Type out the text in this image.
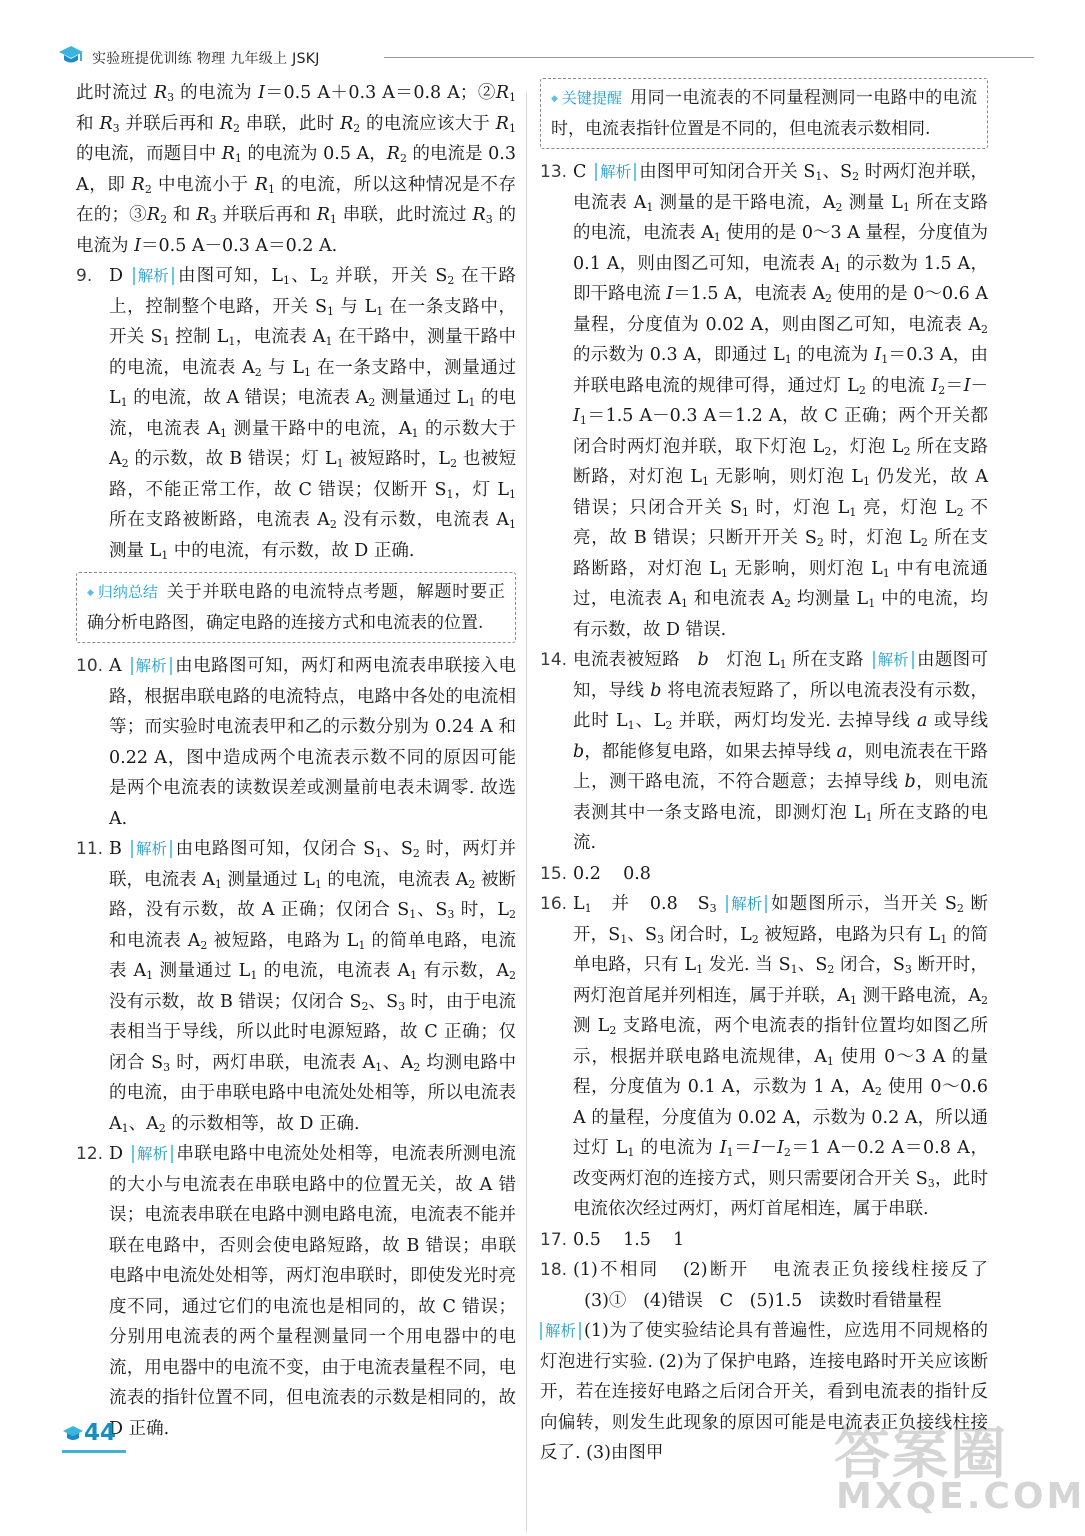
实验班提优训练 物理 九年级上 JSKJ

此时流过 $R_3$ 的电流为 I＝0.5 A＋0.3 A＝0.8 A；$②R_1$ 和 $R_3$ 并联后再和 $R_2$ 串联，此时 $R_2$ 的电流应该大于 $R_1$ 的电流，而题目中 $R_1$ 的电流为 0.5 A，$R_2$ 的电流是 0.3 A，即 $R_2$ 中电流小于 $R_1$ 的电流，所以这种情况是不存在的；$③R_2$ 和 $R_3$ 并联后再和 $R_1$ 串联，此时流过 $R_3$ 的电流为 I＝0.5 A－0.3 A＝0.2 A.

9. D 解析 由图可知，$L_1$、$L_2$ 并联，开关 $S_2$ 在干路上，控制整个电路，开关 $S_1$ 与 $L_1$ 在一条支路中，开关 $S_1$ 控制 $L_1$，电流表 $A_1$ 在干路中，测量干路中的电流，电流表 $A_2$ 与 $L_1$ 在一条支路中，测量通过 $L_1$ 的电流，故 A 错误；电流表 $A_2$ 测量通过 $L_1$ 的电流，电流表 $A_1$ 测量干路中的电流，$A_1$ 的示数大于 $A_2$ 的示数，故 B 错误；灯 $L_1$ 被短路时，$L_2$ 也被短路，不能正常工作，故 C 错误；仅断开 $S_1$，灯 $L_1$ 所在支路被断路，电流表 $A_2$ 没有示数，电流表 $A_1$ 测量 $L_1$ 中的电流，有示数，故 D 正确.
◆ 归纳总结 关于并联电路的电流特点考题，解题时要正确分析电路图，确定电路的连接方式和电流表的位置.
10. A 解析 由电路图可知，两灯和两电流表串联接入电路，根据串联电路的电流特点，电路中各处的电流相等；而实验时电流表甲和乙的示数分别为 0.24 A 和 0.22 A，图中造成两个电流表示数不同的原因可能是两个电流表的读数误差或测量前电表未调零. 故选 A.
11. B 解析 由电路图可知，仅闭合 $S_1$、$S_2$ 时，两灯并联，电流表 $A_1$ 测量通过 $L_1$ 的电流，电流表 $A_2$ 被断路，没有示数，故 A 正确；仅闭合 $S_1$、$S_3$ 时，$L_2$ 和电流表 $A_2$ 被短路，电路为 $L_1$ 的简单电路，电流表 $A_1$ 测量通过 $L_1$ 的电流，电流表 $A_1$ 有示数，$A_2$ 没有示数，故 B 错误；仅闭合 $S_2$、$S_3$ 时，由于电流表相当于导线，所以此时电源短路，故 C 正确；仅闭合 $S_3$ 时，两灯串联，电流表 $A_1$、$A_2$ 均测电路中的电流，由于串联电路中电流处处相等，所以电流表 $A_1$、$A_2$ 的示数相等，故 D 正确.
12. D 解析 串联电路中电流处处相等，电流表所测电流的大小与电流表在串联电路中的位置无关，故 A 错误；电流表串联在电路中测电路电流，电流表不能并联在电路中，否则会使电路短路，故 B 错误；串联电路中电流处处相等，两灯泡串联时，即使发光时亮度不同，通过它们的电流也是相同的，故 C 错误；分别用电流表的两个量程测量同一个用电器中的电流，用电器中的电流不变，由于电流表量程不同，电流表的指针位置不同，但电流表的示数是相同的，故 D 正确.
◆ 关键提醒 用同一电流表的不同量程测同一电路中的电流时，电流表指针位置是不同的，但电流表示数相同.
13. C 解析 由图甲可知闭合开关 $S_1$、$S_2$ 时两灯泡并联，电流表 $A_1$ 测量的是干路电流，$A_2$ 测量 $L_1$ 所在支路的电流，电流表 $A_1$ 使用的是 0～3 A 量程，分度值为 0.1 A，则由图乙可知，电流表 $A_1$ 的示数为 1.5 A，即干路电流 I＝1.5 A，电流表 $A_2$ 使用的是 0～0.6 A 量程，分度值为 0.02 A，则由图乙可知，电流表 $A_2$ 的示数为 0.3 A，即通过 $L_1$ 的电流为 $I_1=0.3$ A，由并联电路电流的规律可得，通过灯 $L_2$ 的电流 $I_2=I-I_1=1.5$ A－0.3 A＝1.2 A，故 C 正确；两个开关都闭合时两灯泡并联，取下灯泡 $L_2$，灯泡 $L_2$ 所在支路断路，对灯泡 $L_1$ 无影响，则灯泡 $L_1$ 仍发光，故 A 错误；只闭合开关 $S_1$ 时，灯泡 $L_1$ 亮，灯泡 $L_2$ 不亮，故 B 错误；只断开开关 $S_2$ 时，灯泡 $L_2$ 所在支路断路，对灯泡 $L_1$ 无影响，则灯泡 $L_1$ 中有电流通过，电流表 $A_1$ 和电流表 $A_2$ 均测量 $L_1$ 中的电流，均有示数，故 D 错误.
14. 电流表被短路   b   灯泡 $L_1$ 所在支路 解析 由题图可知，导线 b 将电流表短路了，所以电流表没有示数，此时 $L_1$、$L_2$ 并联，两灯均发光. 去掉导线 a 或导线 b，都能修复电路，如果去掉导线 a，则电流表在干路上，测干路电流，不符合题意；去掉导线 b，则电流表测其中一条支路电流，即测灯泡 $L_1$ 所在支路的电流.
15. 0.2    0.8
16. $L_1$   并   0.8   $S_3$ 解析 如题图所示，当开关 $S_2$ 断开，$S_1$、$S_3$ 闭合时，$L_2$ 被短路，电路为只有 $L_1$ 的简单电路，只有 $L_1$ 发光. 当 $S_1$、$S_2$ 闭合，$S_3$ 断开时，两灯泡首尾并列相连，属于并联，$A_1$ 测干路电流，$A_2$ 测 $L_2$ 支路电流，两个电流表的指针位置均如图乙所示，根据并联电路电流规律，$A_1$ 使用 0～3 A 的量程，分度值为 0.1 A，示数为 1 A，$A_2$ 使用 0～0.6 A 的量程，分度值为 0.02 A，示数为 0.2 A，所以通过灯 $L_1$ 的电流为 $I_1=I-I_2=1$ A－0.2 A＝0.8 A，改变两灯泡的连接方式，则只需要闭合开关 $S_3$，此时电流依次经过两灯，两灯首尾相连，属于串联.
17. 0.5    1.5    1
18. (1)不相同   (2)断开   电流表正负接线柱接反了   (3)①   (4)错误   C   (5)1.5   读数时看错量程

解析 (1)为了使实验结论具有普遍性，应选用不同规格的灯泡进行实验. (2)为了保护电路，连接电路时开关应该断开，若在连接好电路之后闭合开关，看到电流表的指针反向偏转，则发生此现象的原因可能是电流表正负接线柱接反了. (3)由图甲

44	答案圈
MXQE.COM
